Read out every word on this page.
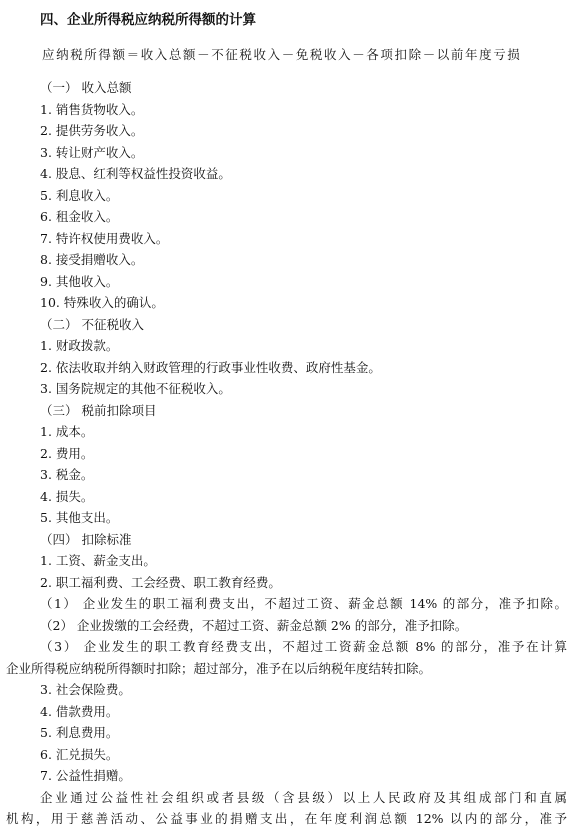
四、企业所得税应纳税所得额的计算
应纳税所得额＝收入总额－不征税收入－免税收入－各项扣除－以前年度亏损
（一） 收入总额
1. 销售货物收入。
2. 提供劳务收入。
3. 转让财产收入。
4. 股息、红利等权益性投资收益。
5. 利息收入。
6. 租金收入。
7. 特许权使用费收入。
8. 接受捐赠收入。
9. 其他收入。
10. 特殊收入的确认。
（二） 不征税收入
1. 财政拨款。
2. 依法收取并纳入财政管理的行政事业性收费、政府性基金。
3. 国务院规定的其他不征税收入。
（三） 税前扣除项目
1. 成本。
2. 费用。
3. 税金。
4. 损失。
5. 其他支出。
（四） 扣除标准
1. 工资、薪金支出。
2. 职工福利费、工会经费、职工教育经费。
（1） 企业发生的职工福利费支出，不超过工资、薪金总额 14% 的部分，准予扣除。
（2） 企业拨缴的工会经费，不超过工资、薪金总额 2% 的部分，准予扣除。
（3） 企业发生的职工教育经费支出，不超过工资薪金总额 8% 的部分，准予在计算
企业所得税应纳税所得额时扣除；超过部分，准予在以后纳税年度结转扣除。
3. 社会保险费。
4. 借款费用。
5. 利息费用。
6. 汇兑损失。
7. 公益性捐赠。
企业通过公益性社会组织或者县级（含县级）以上人民政府及其组成部门和直属
机构，用于慈善活动、公益事业的捐赠支出，在年度利润总额 12% 以内的部分，准予
